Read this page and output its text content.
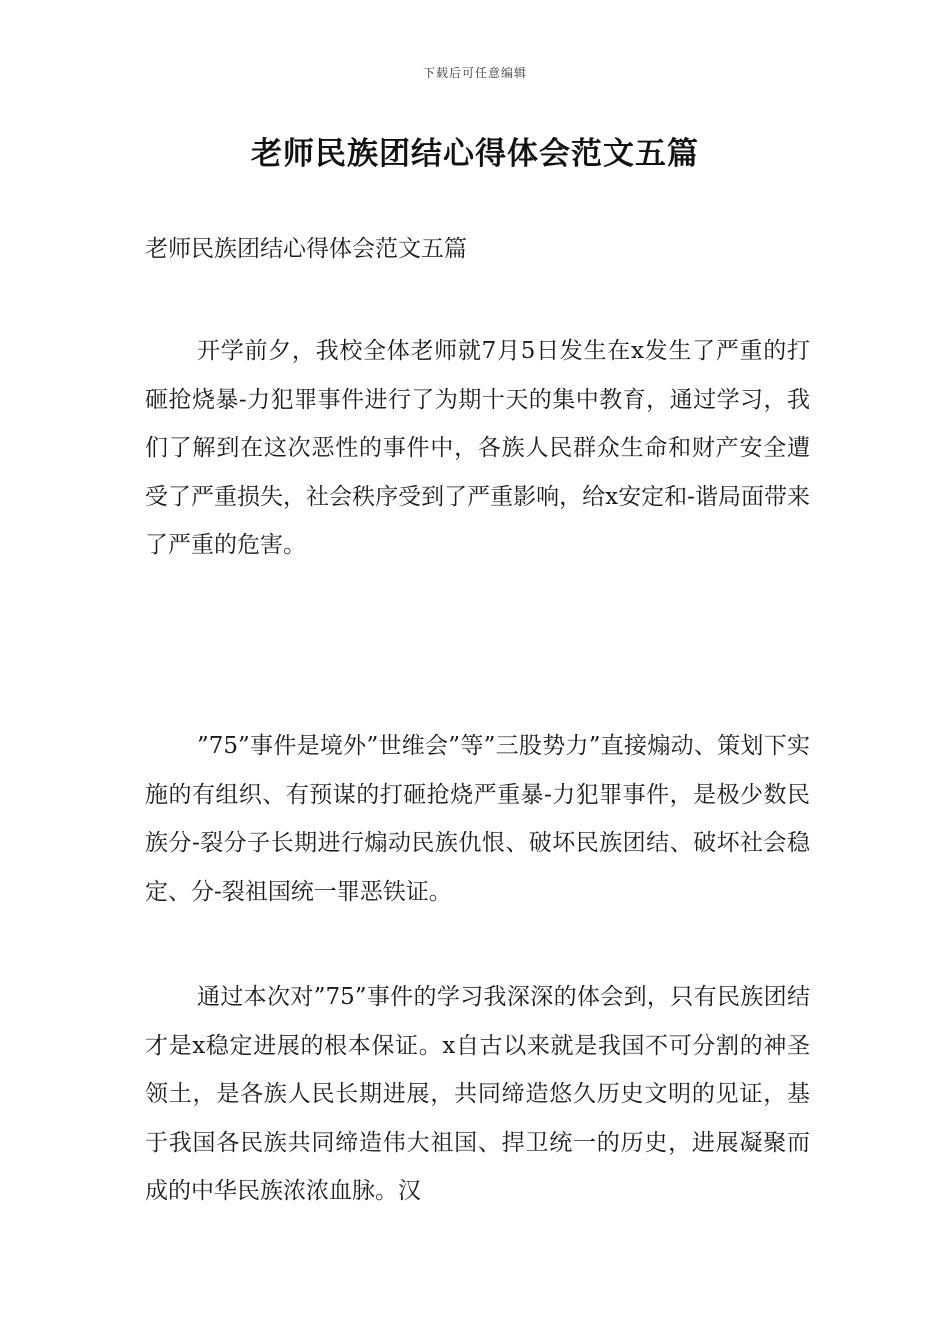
下载后可任意编辑
老师民族团结心得体会范文五篇
老师民族团结心得体会范文五篇

开学前夕，我校全体老师就7月5日发生在x发生了严重的打砸抢烧暴-力犯罪事件进行了为期十天的集中教育，通过学习，我们了解到在这次恶性的事件中，各族人民群众生命和财产安全遭受了严重损失，社会秩序受到了严重影响，给x安定和-谐局面带来了严重的危害。

”75”事件是境外”世维会”等”三股势力”直接煽动、策划下实施的有组织、有预谋的打砸抢烧严重暴-力犯罪事件，是极少数民族分-裂分子长期进行煽动民族仇恨、破坏民族团结、破坏社会稳定、分-裂祖国统一罪恶铁证。

通过本次对”75”事件的学习我深深的体会到，只有民族团结才是x稳定进展的根本保证。x自古以来就是我国不可分割的神圣领土，是各族人民长期进展，共同缔造悠久历史文明的见证，基于我国各民族共同缔造伟大祖国、捍卫统一的历史，进展凝聚而成的中华民族浓浓血脉。汉
